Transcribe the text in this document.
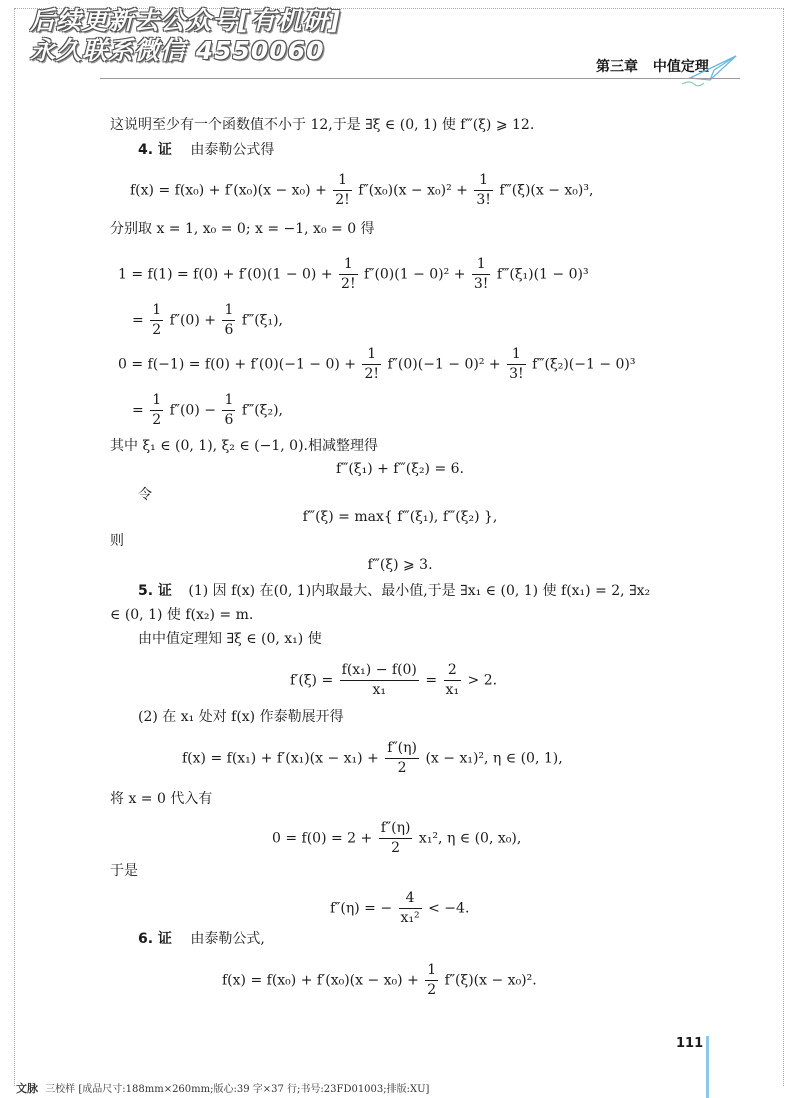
后续更新去公众号[有机研]
永久联系微信 4550060
第三章 中值定理
这说明至少有一个函数值不小于 12,于是 ∃ξ ∈ (0, 1) 使 f‴(ξ) ⩾ 12.
4. 证 由泰勒公式得
$f(x) = f(x_0) + f'(x_0)(x - x_0) + \frac{1}{2!} f''(x_0)(x - x_0)^2 + \frac{1}{3!}$ f‴(ξ)(x − x₀)³,
分别取 x = 1, x₀ = 0; x = −1, x₀ = 0 得
$1 = f(1) = f(0) + f'(0)(1 - 0) + \frac{1}{2!} f''(0)(1 - 0)^2 + \frac{1}{3!}$ f‴(ξ₁)(1 − 0)³
= $\frac{1}{2} f''(0) + \frac{1}{6}$ f‴(ξ₁),
$0 = f(-1) = f(0) + f'(0)(-1 - 0) + \frac{1}{2!} f''(0)(-1 - 0)^2 + \frac{1}{3!}$ f‴(ξ₂)(−1 − 0)³
= $\frac{1}{2} f''(0) - \frac{1}{6}$ f‴(ξ₂),
其中 ξ₁ ∈ (0, 1), ξ₂ ∈ (−1, 0).相减整理得
f‴(ξ₁) + f‴(ξ₂) = 6.
令
f‴(ξ) = max{ f‴(ξ₁), f‴(ξ₂) },
则
f‴(ξ) ⩾ 3.
5. 证 (1) 因 f(x) 在(0, 1)内取最大、最小值,于是 ∃x₁ ∈ (0, 1) 使 f(x₁) = 2, ∃x₂
∈ (0, 1) 使 f(x₂) = m.
由中值定理知 ∃ξ ∈ (0, x₁) 使
$f'(\xi) = \frac{\text{f(x₁) − f(0)}}{\text{x₁}} = \frac{2}{\text{x₁}} > 2$.
(2) 在 x₁ 处对 f(x) 作泰勒展开得
$f(x) = f(x_1) + f'(x_1)(x - x_1) + \frac{f''(\eta)}{2} (x - x_1)^2$, η ∈ (0, 1),
将 x = 0 代入有
$0 = f(0) = 2 + \frac{f''(\eta)}{2} x_1^2$, η ∈ (0, x₀),
于是
f″(η) = − $\frac{4}{\text{x₁²}} < -4$.
6. 证 由泰勒公式,
$f(x) = f(x_0) + f'(x_0)(x - x_0) + \frac{1}{2} f''(\xi)(x - x_0)^2$.
111
文脉 三校样 [成品尺寸:188mm×260mm;版心:39 字×37 行;书号:23FD01003;排版:XU]
